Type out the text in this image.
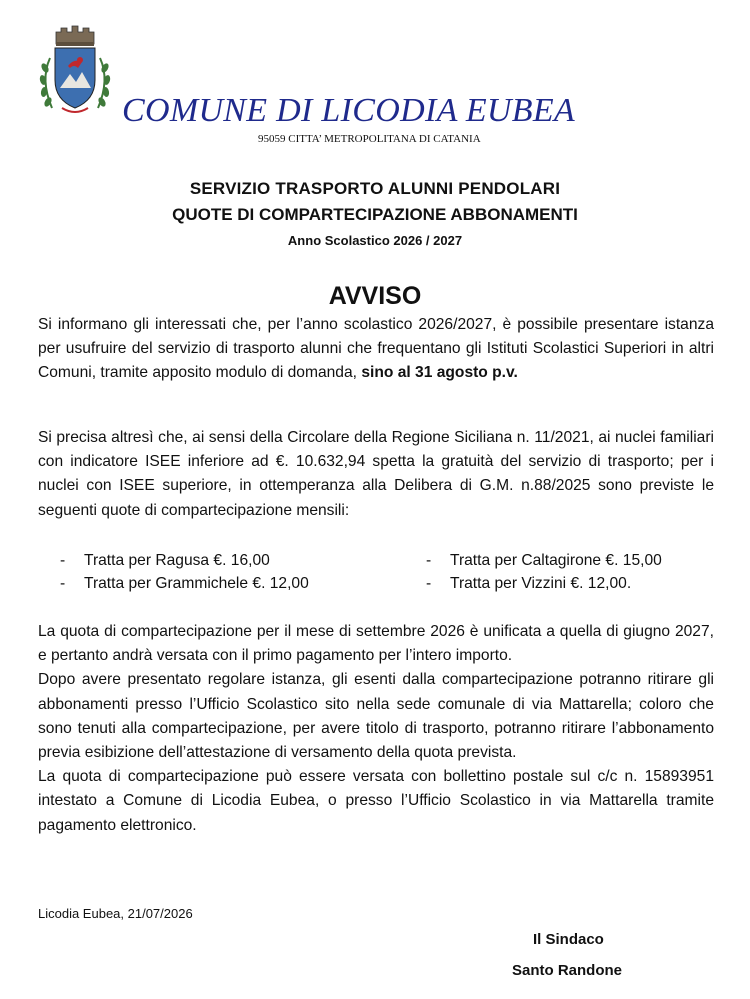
COMUNE DI LICODIA EUBEA
95059 CITTA’ METROPOLITANA DI CATANIA
SERVIZIO TRASPORTO ALUNNI PENDOLARI
QUOTE DI COMPARTECIPAZIONE ABBONAMENTI
Anno Scolastico 2026 / 2027
AVVISO
Si informano gli interessati che, per l’anno scolastico 2026/2027, è possibile presentare istanza per usufruire del servizio di trasporto alunni che frequentano gli Istituti Scolastici Superiori in altri Comuni, tramite apposito modulo di domanda, sino al 31 agosto p.v.
Si precisa altresì che, ai sensi della Circolare della Regione Siciliana n. 11/2021, ai nuclei familiari con indicatore ISEE inferiore ad €. 10.632,94 spetta la gratuità del servizio di trasporto; per i nuclei con ISEE superiore, in ottemperanza alla Delibera di G.M. n.88/2025 sono previste le seguenti quote di compartecipazione mensili:
- Tratta per Ragusa €. 16,00	- Tratta per Caltagirone €. 15,00
- Tratta per Grammichele €. 12,00	- Tratta per Vizzini €. 12,00.
La quota di compartecipazione per il mese di settembre 2026 è unificata a quella di giugno 2027, e pertanto andrà versata con il primo pagamento per l’intero importo.
Dopo avere presentato regolare istanza, gli esenti dalla compartecipazione potranno ritirare gli abbonamenti presso l’Ufficio Scolastico sito nella sede comunale di via Mattarella; coloro che sono tenuti alla compartecipazione, per avere titolo di trasporto, potranno ritirare l’abbonamento previa esibizione dell’attestazione di versamento della quota prevista.
La quota di compartecipazione può essere versata con bollettino postale sul c/c n. 15893951 intestato a Comune di Licodia Eubea, o presso l’Ufficio Scolastico in via Mattarella tramite pagamento elettronico.
Licodia Eubea, 21/07/2026
Il Sindaco
Santo Randone
